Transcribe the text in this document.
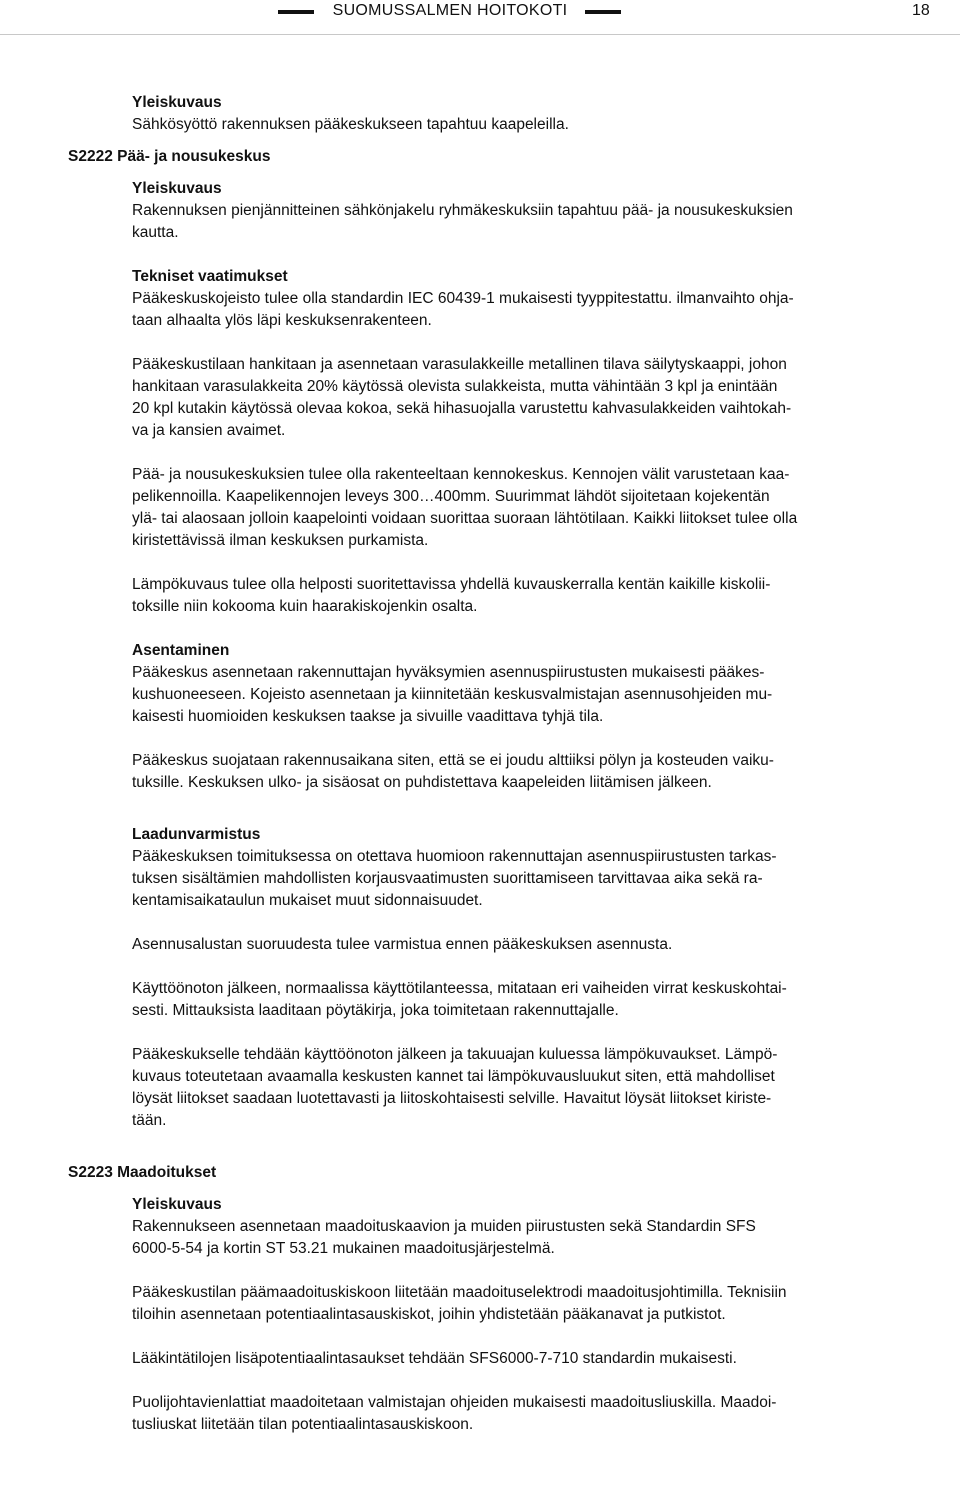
SUOMUSSALMEN HOITOKOTI	18
Yleiskuvaus
Sähkösyöttö rakennuksen pääkeskukseen tapahtuu kaapeleilla.
S2222 Pää- ja nousukeskus
Yleiskuvaus
Rakennuksen pienjännitteinen sähkönjakelu ryhmäkeskuksiin tapahtuu pää- ja nousukeskuksien
kautta.
Tekniset vaatimukset
Pääkeskuskojeisto tulee olla standardin IEC 60439-1 mukaisesti tyyppitestattu. ilmanvaihto ohja-
taan alhaalta ylös läpi keskuksenrakenteen.
Pääkeskustilaan hankitaan ja asennetaan varasulakkeille metallinen tilava säilytyskaappi, johon
hankitaan varasulakkeita 20% käytössä olevista sulakkeista, mutta vähintään 3 kpl ja enintään
20 kpl kutakin käytössä olevaa kokoa, sekä hihasuojalla varustettu kahvasulakkeiden vaihtokah-
va ja kansien avaimet.
Pää- ja nousukeskuksien tulee olla rakenteeltaan kennokeskus. Kennojen välit varustetaan kaa-
pelikennoilla. Kaapelikennojen leveys 300…400mm. Suurimmat lähdöt sijoitetaan kojekentän
ylä- tai alaosaan jolloin kaapelointi voidaan suorittaa suoraan lähtötilaan. Kaikki liitokset tulee olla
kiristettävissä ilman keskuksen purkamista.
Lämpökuvaus tulee olla helposti suoritettavissa yhdellä kuvauskerralla kentän kaikille kiskolii-
toksille niin kokooma kuin haarakiskojenkin osalta.
Asentaminen
Pääkeskus asennetaan rakennuttajan hyväksymien asennuspiirustusten mukaisesti pääkes-
kushuoneeseen. Kojeisto asennetaan ja kiinnitetään keskusvalmistajan asennusohjeiden mu-
kaisesti huomioiden keskuksen taakse ja sivuille vaadittava tyhjä tila.
Pääkeskus suojataan rakennusaikana siten, että se ei joudu alttiiksi pölyn ja kosteuden vaiku-
tuksille. Keskuksen ulko- ja sisäosat on puhdistettava kaapeleiden liitämisen jälkeen.
Laadunvarmistus
Pääkeskuksen toimituksessa on otettava huomioon rakennuttajan asennuspiirustusten tarkas-
tuksen sisältämien mahdollisten korjausvaatimusten suorittamiseen tarvittavaa aika sekä ra-
kentamisaikataulun mukaiset muut sidonnaisuudet.
Asennusalustan suoruudesta tulee varmistua ennen pääkeskuksen asennusta.
Käyttöönoton jälkeen, normaalissa käyttötilanteessa, mitataan eri vaiheiden virrat keskuskohtai-
sesti. Mittauksista laaditaan pöytäkirja, joka toimitetaan rakennuttajalle.
Pääkeskukselle tehdään käyttöönoton jälkeen ja takuuajan kuluessa lämpökuvaukset. Lämpö-
kuvaus toteutetaan avaamalla keskusten kannet tai lämpökuvausluukut siten, että mahdolliset
löysät liitokset saadaan luotettavasti ja liitoskohtaisesti selville. Havaitut löysät liitokset kiriste-
tään.
S2223 Maadoitukset
Yleiskuvaus
Rakennukseen asennetaan maadoituskaavion ja muiden piirustusten sekä Standardin SFS
6000-5-54 ja kortin ST 53.21 mukainen maadoitusjärjestelmä.
Pääkeskustilan päämaadoituskiskoon liitetään maadoituselektrodi maadoitusjohtimilla. Teknisiin
tiloihin asennetaan potentiaalintasauskiskot, joihin yhdistetään pääkanavat ja putkistot.
Lääkintätilojen lisäpotentiaalintasaukset tehdään SFS6000-7-710 standardin mukaisesti.
Puolijohtavienlattiat maadoitetaan valmistajan ohjeiden mukaisesti maadoitusliuskilla. Maadoi-
tusliuskat liitetään tilan potentiaalintasauskiskoon.
